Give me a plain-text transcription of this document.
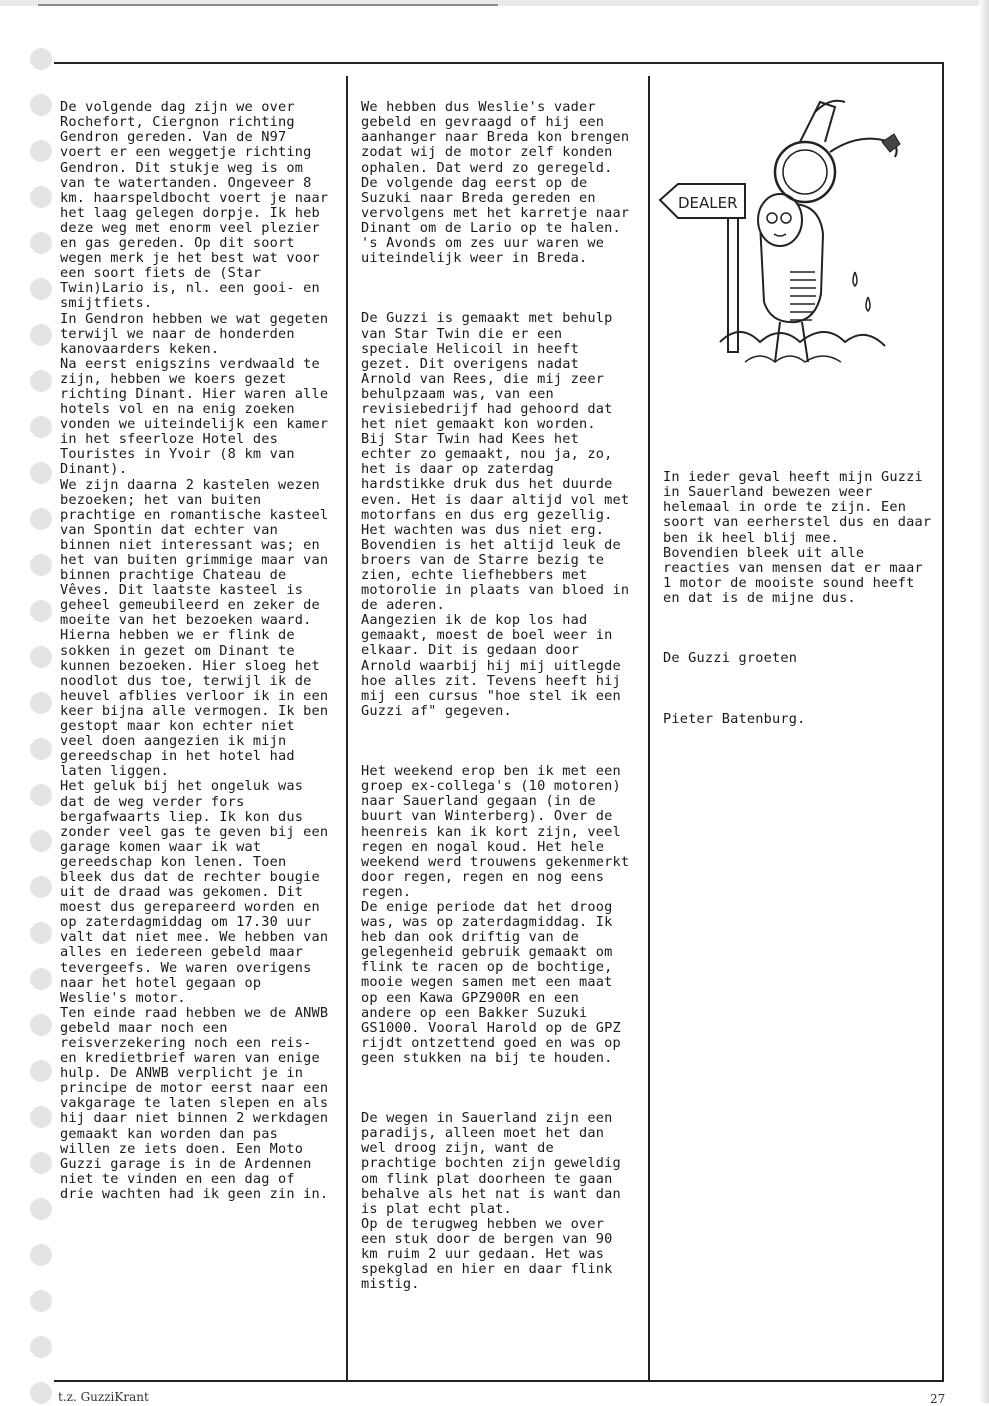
De volgende dag zijn we over Rochefort, Ciergnon richting Gendron gereden. Van de N97 voert er een weggetje richting Gendron. Dit stukje weg is om van te watertanden. Ongeveer 8 km. haarspeldbocht voert je naar het laag gelegen dorpje. Ik heb deze weg met enorm veel plezier en gas gereden. Op dit soort wegen merk je het best wat voor een soort fiets de (Star Twin)Lario is, nl. een gooi- en smijtfiets.
In Gendron hebben we wat gegeten terwijl we naar de honderden kanovaarders keken.
Na eerst enigszins verdwaald te zijn, hebben we koers gezet richting Dinant. Hier waren alle hotels vol en na enig zoeken vonden we uiteindelijk een kamer in het sfeerloze Hotel des Touristes in Yvoir (8 km van Dinant).
We zijn daarna 2 kastelen wezen bezoeken; het van buiten prachtige en romantische kasteel van Spontin dat echter van binnen niet interessant was; en het van buiten grimmige maar van binnen prachtige Chateau de Vêves. Dit laatste kasteel is geheel gemeubileerd en zeker de moeite van het bezoeken waard.
Hierna hebben we er flink de sokken in gezet om Dinant te kunnen bezoeken. Hier sloeg het noodlot dus toe, terwijl ik de heuvel afblies verloor ik in een keer bijna alle vermogen. Ik ben gestopt maar kon echter niet veel doen aangezien ik mijn gereedschap in het hotel had laten liggen.
Het geluk bij het ongeluk was dat de weg verder fors bergafwaarts liep. Ik kon dus zonder veel gas te geven bij een garage komen waar ik wat gereedschap kon lenen. Toen bleek dus dat de rechter bougie uit de draad was gekomen. Dit moest dus gerepareerd worden en op zaterdagmiddag om 17.30 uur valt dat niet mee. We hebben van alles en iedereen gebeld maar tevergeefs. We waren overigens naar het hotel gegaan op Weslie's motor.
Ten einde raad hebben we de ANWB gebeld maar noch een reisverzekering noch een reis- en kredietbrief waren van enige hulp. De ANWB verplicht je in principe de motor eerst naar een vakgarage te laten slepen en als hij daar niet binnen 2 werkdagen gemaakt kan worden dan pas willen ze iets doen. Een Moto Guzzi garage is in de Ardennen niet te vinden en een dag of drie wachten had ik geen zin in.

We hebben dus Weslie's vader gebeld en gevraagd of hij een aanhanger naar Breda kon brengen zodat wij de motor zelf konden ophalen. Dat werd zo geregeld.
De volgende dag eerst op de Suzuki naar Breda gereden en vervolgens met het karretje naar Dinant om de Lario op te halen. 's Avonds om zes uur waren we uiteindelijk weer in Breda.

De Guzzi is gemaakt met behulp van Star Twin die er een speciale Helicoil in heeft gezet. Dit overigens nadat Arnold van Rees, die mij zeer behulpzaam was, van een revisiebedrijf had gehoord dat het niet gemaakt kon worden.
Bij Star Twin had Kees het echter zo gemaakt, nou ja, zo, het is daar op zaterdag hardstikke druk dus het duurde even. Het is daar altijd vol met motorfans en dus erg gezellig. Het wachten was dus niet erg. Bovendien is het altijd leuk de broers van de Starre bezig te zien, echte liefhebbers met motorolie in plaats van bloed in de aderen.
Aangezien ik de kop los had gemaakt, moest de boel weer in elkaar. Dit is gedaan door Arnold waarbij hij mij uitlegde hoe alles zit. Tevens heeft hij mij een cursus "hoe stel ik een Guzzi af" gegeven.

Het weekend erop ben ik met een groep ex-collega's (10 motoren) naar Sauerland gegaan (in de buurt van Winterberg). Over de heenreis kan ik kort zijn, veel regen en nogal koud. Het hele weekend werd trouwens gekenmerkt door regen, regen en nog eens regen.
De enige periode dat het droog was, was op zaterdagmiddag. Ik heb dan ook driftig van de gelegenheid gebruik gemaakt om flink te racen op de bochtige, mooie wegen samen met een maat op een Kawa GPZ900R en een andere op een Bakker Suzuki GS1000. Vooral Harold op de GPZ rijdt ontzettend goed en was op geen stukken na bij te houden.

De wegen in Sauerland zijn een paradijs, alleen moet het dan wel droog zijn, want de prachtige bochten zijn geweldig om flink plat doorheen te gaan behalve als het nat is want dan is plat echt plat.
Op de terugweg hebben we over een stuk door de bergen van 90 km ruim 2 uur gedaan. Het was spekglad en hier en daar flink mistig.

DEALER

In ieder geval heeft mijn Guzzi in Sauerland bewezen weer helemaal in orde te zijn. Een soort van eerherstel dus en daar ben ik heel blij mee.
Bovendien bleek uit alle reacties van mensen dat er maar 1 motor de mooiste sound heeft en dat is de mijne dus.

De Guzzi groeten

Pieter Batenburg.

t.z. GuzziKrant	27
